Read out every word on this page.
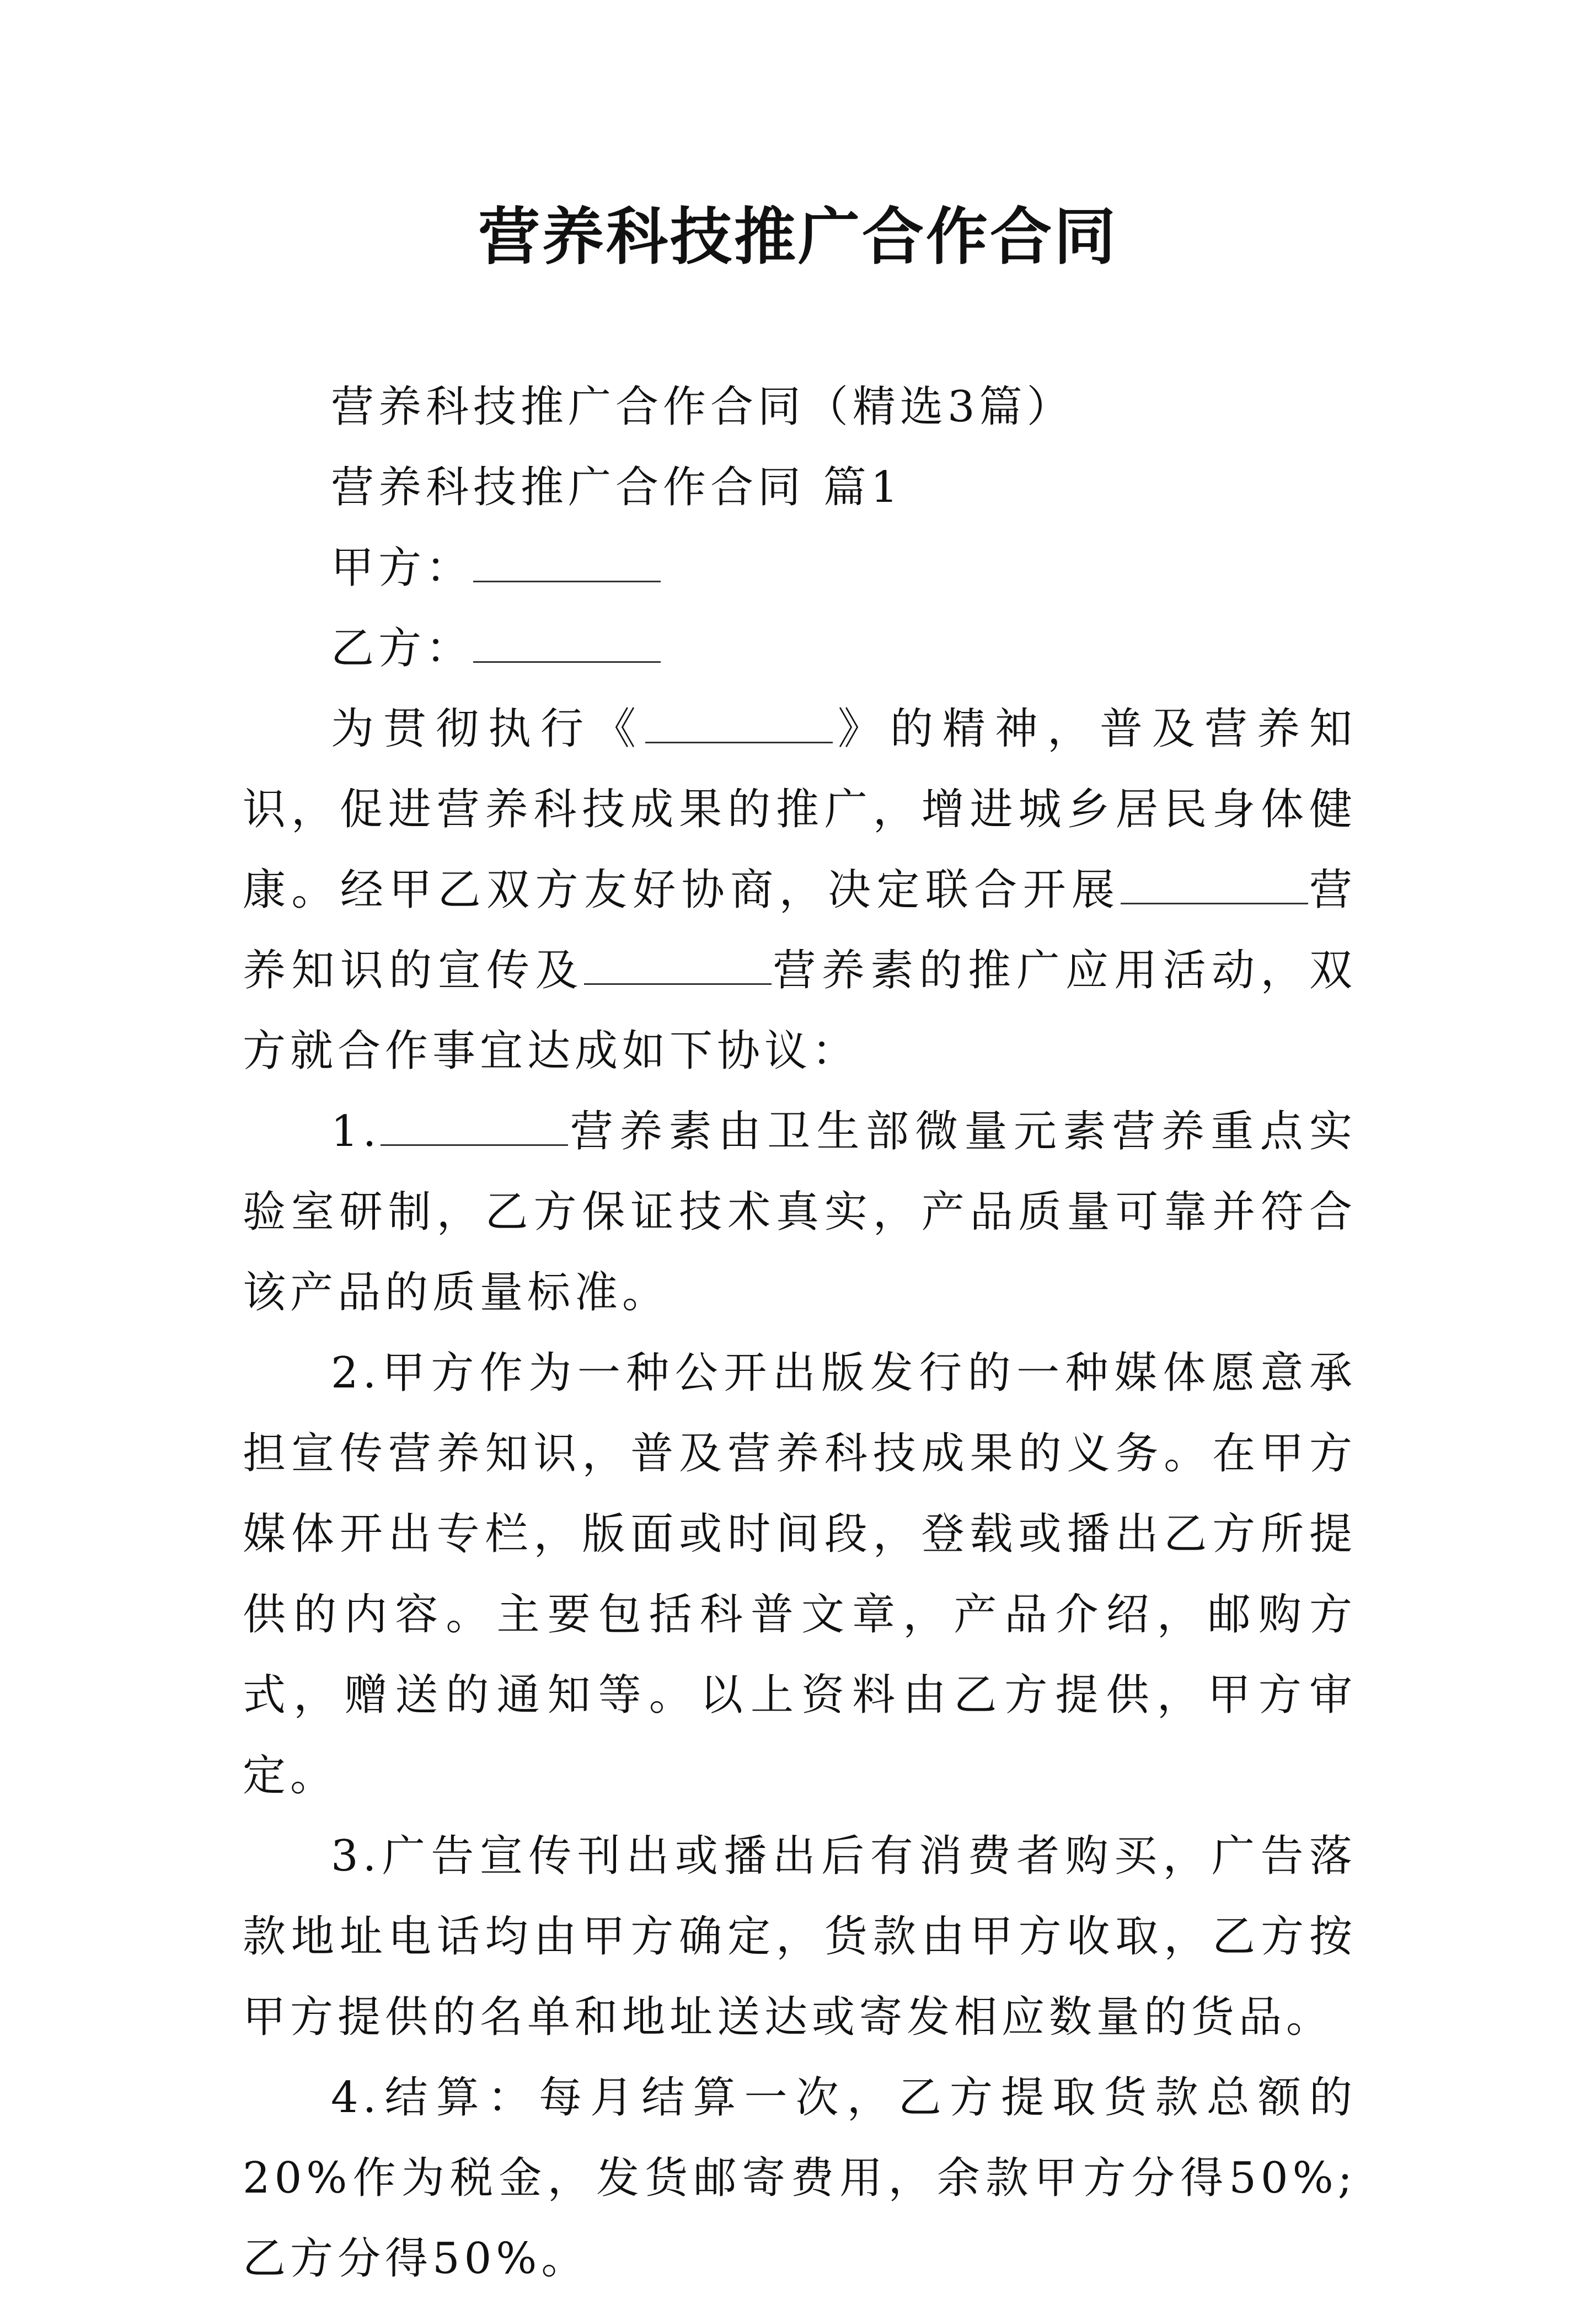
营养科技推广合作合同

营养科技推广合作合同（精选3篇）

营养科技推广合作合同 篇1

甲方：

乙方：

为贯彻执行《	》的精神，普及营养知识，促进营养科技成果的推广，增进城乡居民身体健康。经甲乙双方友好协商，决定联合开展	营养知识的宣传及	营养素的推广应用活动，双方就合作事宜达成如下协议：

1.	营养素由卫生部微量元素营养重点实验室研制，乙方保证技术真实，产品质量可靠并符合该产品的质量标准。

2.甲方作为一种公开出版发行的一种媒体愿意承担宣传营养知识，普及营养科技成果的义务。在甲方媒体开出专栏，版面或时间段，登载或播出乙方所提供的内容。主要包括科普文章，产品介绍，邮购方式，赠送的通知等。以上资料由乙方提供，甲方审定。

3.广告宣传刊出或播出后有消费者购买，广告落款地址电话均由甲方确定，货款由甲方收取，乙方按甲方提供的名单和地址送达或寄发相应数量的货品。

4.结算：每月结算一次，乙方提取货款总额的20%作为税金，发货邮寄费用，余款甲方分得50%;乙方分得50%。
